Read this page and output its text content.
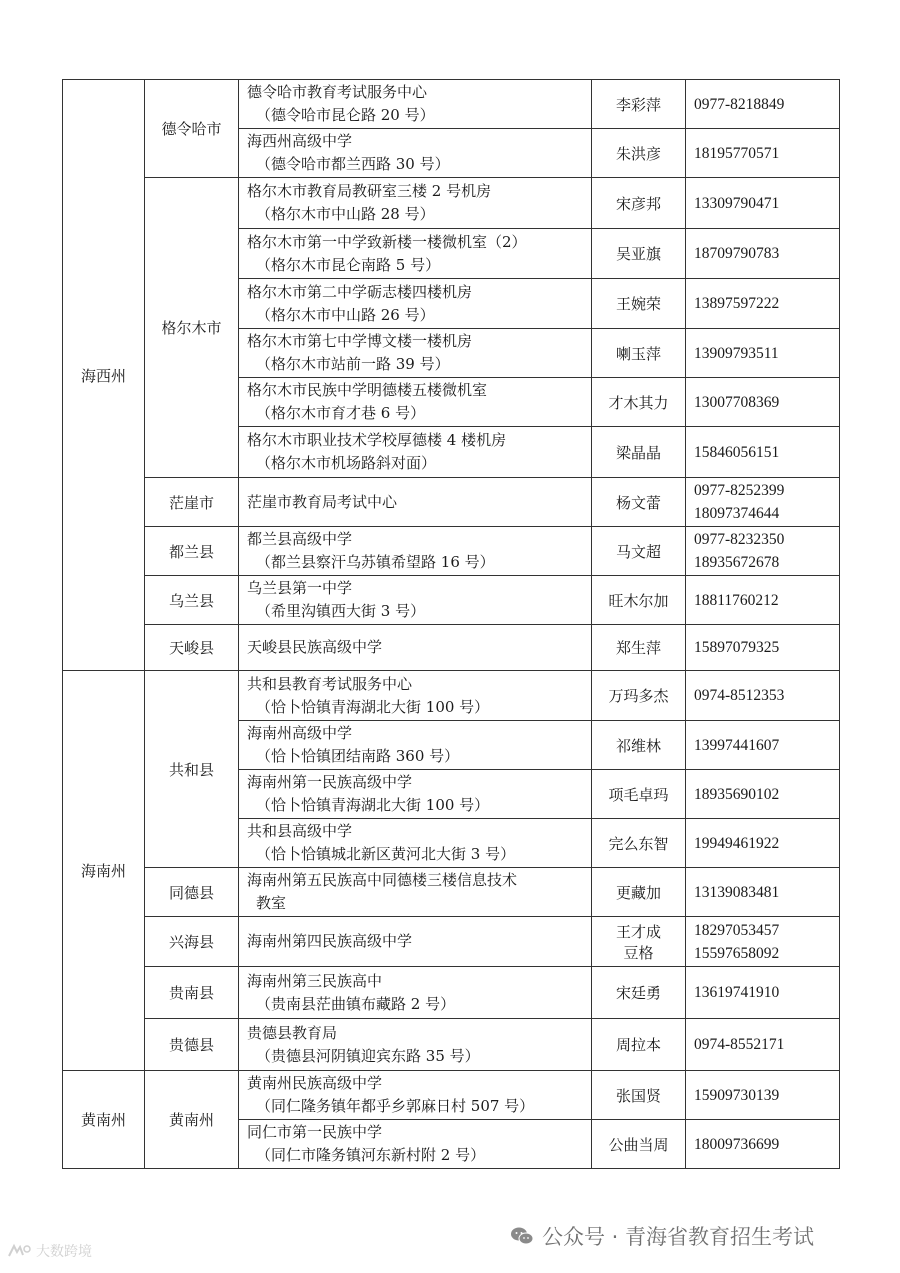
海西州	德令哈市	德令哈市教育考试服务中心
（德令哈市昆仑路 20 号）	李彩萍	0977-8218849

		海西州高级中学
（德令哈市都兰西路 30 号）	朱洪彦	18195770571

	格尔木市	格尔木市教育局教研室三楼 2 号机房
（格尔木市中山路 28 号）	宋彦邦	13309790471

		格尔木市第一中学致新楼一楼微机室（2）
（格尔木市昆仑南路 5 号）	吴亚旗	18709790783

		格尔木市第二中学砺志楼四楼机房
（格尔木市中山路 26 号）	王婉荣	13897597222

		格尔木市第七中学博文楼一楼机房
（格尔木市站前一路 39 号）	喇玉萍	13909793511

		格尔木市民族中学明德楼五楼微机室
（格尔木市育才巷 6 号）	才木其力	13007708369

		格尔木市职业技术学校厚德楼 4 楼机房
（格尔木市机场路斜对面）	梁晶晶	15846056151

	茫崖市	茫崖市教育局考试中心	杨文蕾	0977-8252399
18097374644

	都兰县	都兰县高级中学
（都兰县察汗乌苏镇希望路 16 号）	马文超	0977-8232350
18935672678

	乌兰县	乌兰县第一中学
（希里沟镇西大街 3 号）	旺木尔加	18811760212

	天峻县	天峻县民族高级中学	郑生萍	15897079325

海南州	共和县	共和县教育考试服务中心
（恰卜恰镇青海湖北大街 100 号）	万玛多杰	0974-8512353

		海南州高级中学
（恰卜恰镇团结南路 360 号）	祁维林	13997441607

		海南州第一民族高级中学
（恰卜恰镇青海湖北大街 100 号）	项毛卓玛	18935690102

		共和县高级中学
（恰卜恰镇城北新区黄河北大街 3 号）	完么东智	19949461922

	同德县	海南州第五民族高中同德楼三楼信息技术
教室	更藏加	13139083481

	兴海县	海南州第四民族高级中学	王才成
豆格	18297053457
15597658092

	贵南县	海南州第三民族高中
（贵南县茫曲镇布藏路 2 号）	宋廷勇	13619741910

	贵德县	贵德县教育局
（贵德县河阴镇迎宾东路 35 号）	周拉本	0974-8552171

黄南州	黄南州	黄南州民族高级中学
（同仁隆务镇年都乎乡郭麻日村 507 号）	张国贤	15909730139

		同仁市第一民族中学
（同仁市隆务镇河东新村附 2 号）	公曲当周	18009736699
公众号 · 青海省教育招生考试
大数跨境
